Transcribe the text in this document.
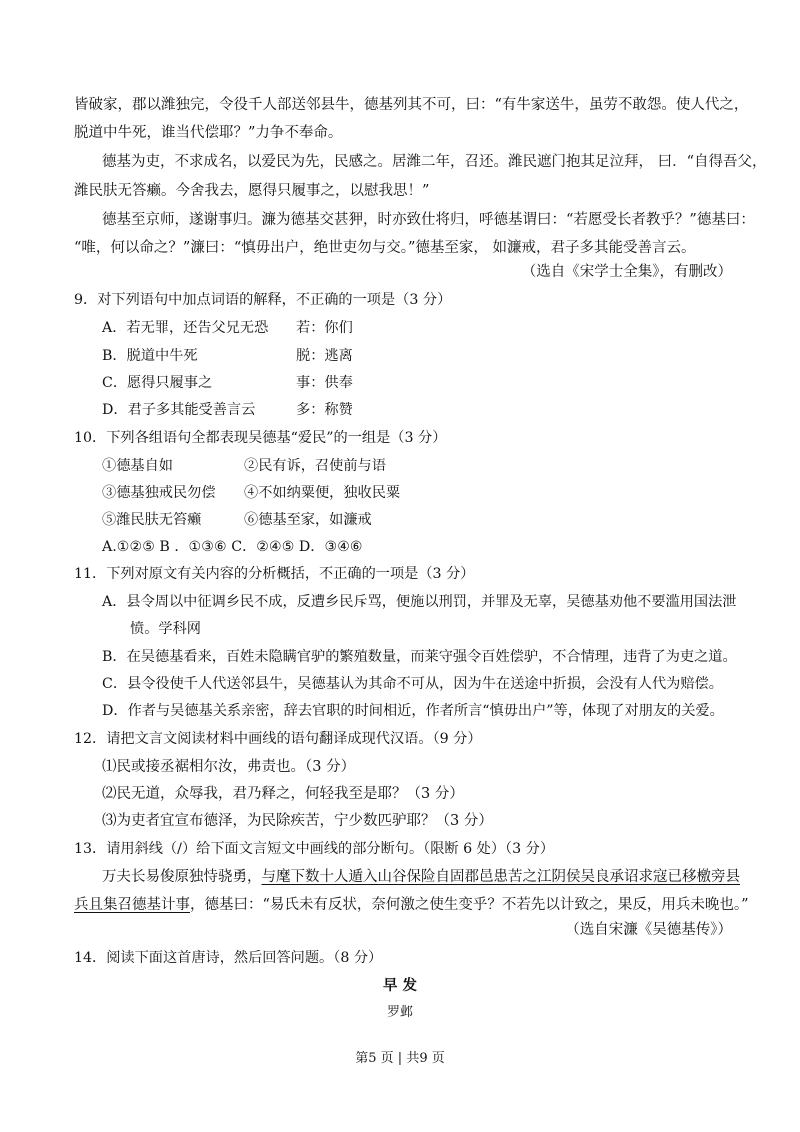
皆破家，郡以潍独完，令役千人部送邻县牛，德基列其不可，曰：“有牛家送牛，虽劳不敢怨。使人代之，
脱道中牛死，谁当代偿耶？”力争不奉命。
德基为吏，不求成名，以爱民为先，民感之。居潍二年，召还。潍民遮门抱其足泣拜， 曰．“自得吾父，
潍民肤无答癞。今舍我去，愿得只履事之，以慰我思！”
德基至京师，遂谢事归。濂为德基交甚狎，时亦致仕将归，呼德基谓曰：“若愿受长者教乎？”德基曰：
“唯，何以命之？”濂曰：“慎毋出户，绝世吏勿与交。”德基至家， 如濂戒，君子多其能受善言云。
（选自《宋学士全集》，有删改）
9．对下列语句中加点词语的解释，不正确的一项是（3 分）
A．若无罪，还告父兄无恐 若：你们
B．脱道中牛死	脱：逃离
C．愿得只履事之	事：供奉
D．君子多其能受善言云	多：称赞
10．下列各组语句全都表现吴德基“爱民”的一组是（3 分）
①德基自如	②民有诉，召使前与语
③德基独戒民勿偿 ④不如纳粟便，独收民粟
⑤潍民肤无笞癞	⑥德基至家，如濂戒
A.①②⑤ B ．①③⑥ C．②④⑤ D．③④⑥
11．下列对原文有关内容的分析概括，不正确的一项是（3 分）
A．县令周以中征调乡民不成，反遭乡民斥骂，便施以刑罚，并罪及无辜，吴德基劝他不要滥用国法泄
愤。学科网
B．在吴德基看来，百姓未隐瞒官驴的繁殖数量，而莱守强令百姓偿驴，不合情理，违背了为吏之道。
C．县令役使千人代送邻县牛，吴德基认为其命不可从，因为牛在送途中折损，会没有人代为赔偿。
D．作者与吴德基关系亲密，辞去官职的时间相近，作者所言“慎毋出户”等，体现了对朋友的关爱。
12．请把文言文阅读材料中画线的语句翻译成现代汉语。（9 分）
⑴民或接丞裾相尔汝，弗责也。（3 分）
⑵民无道，众辱我，君乃释之，何轻我至是耶？（3 分）
⑶为吏者宜宣布德泽，为民除疾苦，宁少数匹驴耶？（3 分）
13．请用斜线（/）给下面文言短文中画线的部分断句。（限断 6 处）（3 分）
万夫长易俊原独恃骁勇，与麾下数十人遁入山谷保险自固郡邑患苦之江阴侯吴良承诏求寇已移檄旁县
兵且集召德基计事，德基曰：“易氏未有反状，奈何激之使生变乎？不若先以计致之，果反，用兵未晚也。”
（选自宋濂《吴德基传》）
14．阅读下面这首唐诗，然后回答问题。（8 分）
早 发
罗邺
第5 页 | 共9 页
